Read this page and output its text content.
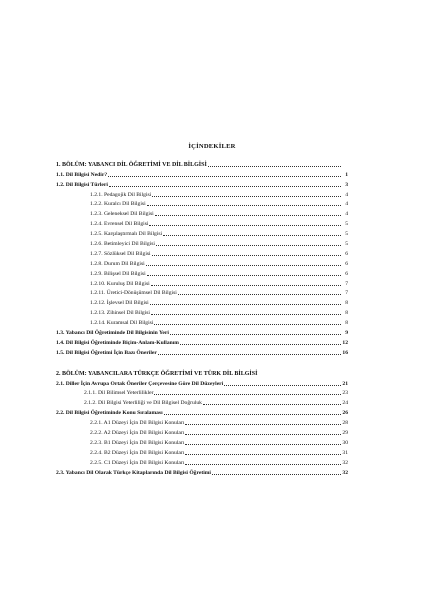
İÇİNDEKİLER
1. BÖLÜM: YABANCI DİL ÖĞRETİMİ VE DİL BİLGİSİ
1.1. Dil Bilgisi Nedir?	1
1.2. Dil Bilgisi Türleri	3
1.2.1. Pedagojik Dil Bilgisi	4
1.2.2. Kuralcı Dil Bilgisi	4
1.2.3. Geleneksel Dil Bilgisi	4
1.2.4. Evrensel Dil Bilgisi	5
1.2.5. Karşılaştırmalı Dil Bilgisi	5
1.2.6. Betimleyici Dil Bilgisi	5
1.2.7. Sözlüksel Dil Bilgisi	6
1.2.8. Durum Dil Bilgisi	6
1.2.9. Bilişsel Dil Bilgisi	6
1.2.10. Kuruluş Dil Bilgisi	7
1.2.11. Üretici-Dönüşümsel Dil Bilgisi	7
1.2.12. İşlevsel Dil Bilgisi	8
1.2.13. Zihinsel Dil Bilgisi	8
1.2.14. Kuramsal Dil Bilgisi	8
1.3. Yabancı Dil Öğretiminde Dil Bilgisinin Yeri	9
1.4. Dil Bilgisi Öğretiminde Biçim-Anlam-Kullanım	12
1.5. Dil Bilgisi Öğretimi İçin Bazı Öneriler	16
2. BÖLÜM: YABANCILARA TÜRKÇE ÖĞRETİMİ VE TÜRK DİL BİLGİSİ
2.1. Diller İçin Avrupa Ortak Öneriler Çerçevesine Göre Dil Düzeyleri	21
2.1.1. Dil Bilimsel Yeterlilikler	23
2.1.2. Dil Bilgisi Yeterliliği ve Dil Bilgisel Doğruluk	24
2.2. Dil Bilgisi Öğretiminde Konu Sıralaması	26
2.2.1. A1 Düzeyi İçin Dil Bilgisi Konuları	28
2.2.2. A2 Düzeyi İçin Dil Bilgisi Konuları	29
2.2.3. B1 Düzeyi İçin Dil Bilgisi Konuları	30
2.2.4. B2 Düzeyi İçin Dil Bilgisi Konuları	31
2.2.5. C1 Düzeyi İçin Dil Bilgisi Konuları	32
2.3. Yabancı Dil Olarak Türkçe Kitaplarında Dil Bilgisi Öğretimi	32
